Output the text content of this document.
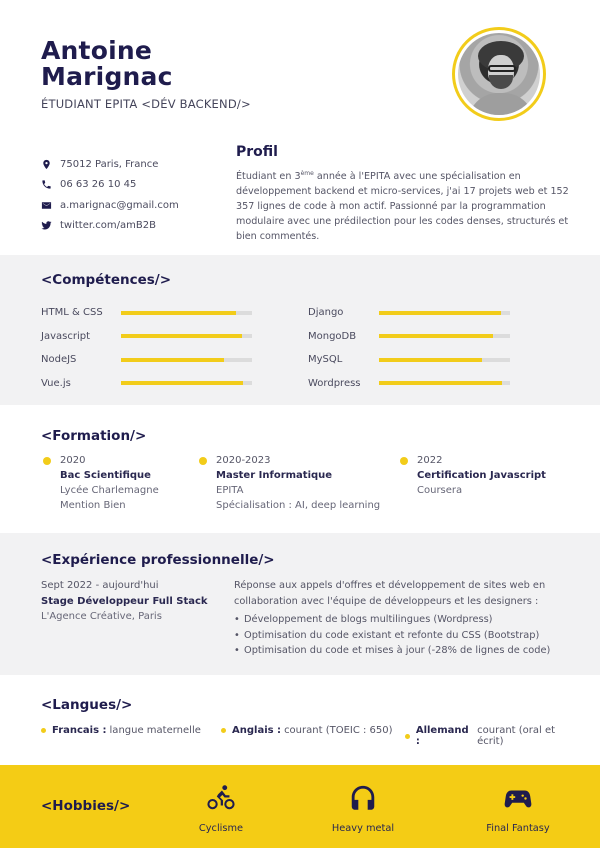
Antoine
Marignac
ÉTUDIANT EPITA <DÉV BACKEND/>
75012 Paris, France
06 63 26 10 45
a.marignac@gmail.com
twitter.com/amB2B
Profil

Étudiant en 3ème année à l'EPITA avec une spécialisation en développement backend et micro-services, j'ai 17 projets web et 152 357 lignes de code à mon actif. Passionné par la programmation modulaire avec une prédilection pour les codes denses, structurés et bien commentés.

<Compétences/>
HTML & CSS
Javascript
NodeJS
Vue.js
Django
MongoDB
MySQL
Wordpress
<Formation/>
2020
Bac Scientifique
Lycée Charlemagne
Mention Bien
2020-2023
Master Informatique
EPITA
Spécialisation : AI, deep learning
2022
Certification Javascript
Coursera
<Expérience professionnelle/>
Sept 2022 - aujourd'hui
Stage Développeur Full Stack
L'Agence Créative, Paris
Réponse aux appels d'offres et développement de sites web en collaboration avec l'équipe de développeurs et les designers :
• Développement de blogs multilingues (Wordpress)
• Optimisation du code existant et refonte du CSS (Bootstrap)
• Optimisation du code et mises à jour (-28% de lignes de code)
<Langues/>
Francais : langue maternelle	Anglais : courant (TOEIC : 650) Allemand :
courant (oral et écrit)
<Hobbies/>
Cyclisme	Heavy metal	Final Fantasy
